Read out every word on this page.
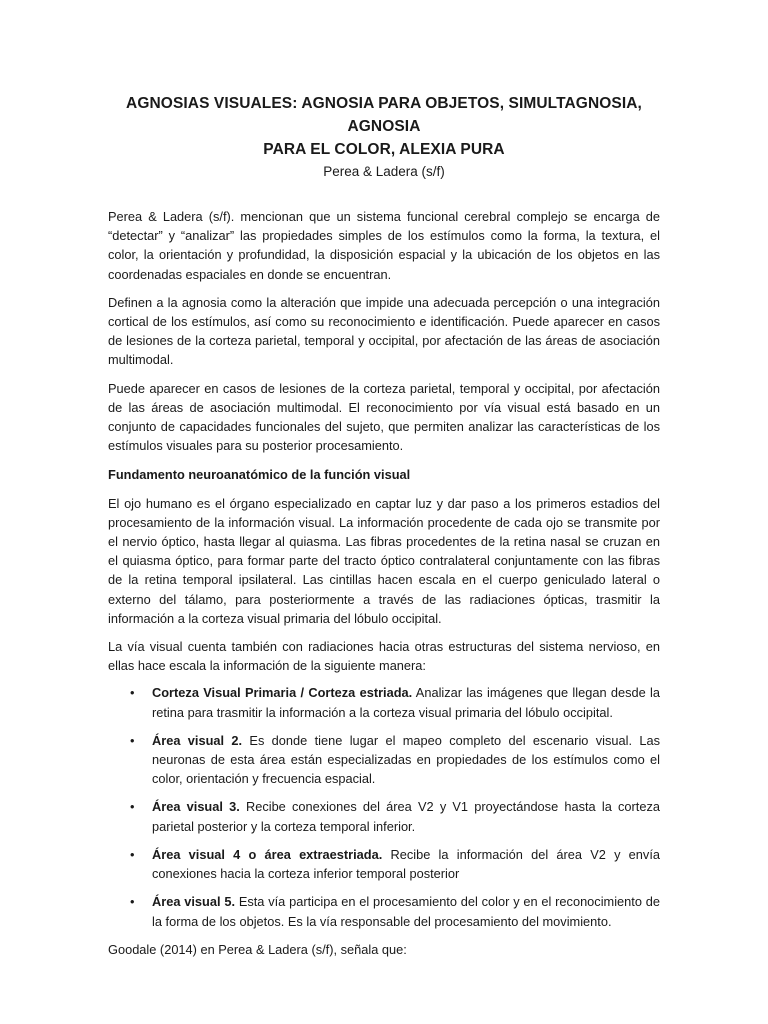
AGNOSIAS VISUALES: AGNOSIA PARA OBJETOS, SIMULTAGNOSIA, AGNOSIA
PARA EL COLOR, ALEXIA PURA
Perea & Ladera (s/f)

Perea & Ladera (s/f). mencionan que un sistema funcional cerebral complejo se encarga de “detectar” y “analizar” las propiedades simples de los estímulos como la forma, la textura, el color, la orientación y profundidad, la disposición espacial y la ubicación de los objetos en las coordenadas espaciales en donde se encuentran.

Definen a la agnosia como la alteración que impide una adecuada percepción o una integración cortical de los estímulos, así como su reconocimiento e identificación. Puede aparecer en casos de lesiones de la corteza parietal, temporal y occipital, por afectación de las áreas de asociación multimodal.

Puede aparecer en casos de lesiones de la corteza parietal, temporal y occipital, por afectación de las áreas de asociación multimodal. El reconocimiento por vía visual está basado en un conjunto de capacidades funcionales del sujeto, que permiten analizar las características de los estímulos visuales para su posterior procesamiento.

Fundamento neuroanatómico de la función visual

El ojo humano es el órgano especializado en captar luz y dar paso a los primeros estadios del procesamiento de la información visual. La información procedente de cada ojo se transmite por el nervio óptico, hasta llegar al quiasma. Las fibras procedentes de la retina nasal se cruzan en el quiasma óptico, para formar parte del tracto óptico contralateral conjuntamente con las fibras de la retina temporal ipsilateral. Las cintillas hacen escala en el cuerpo geniculado lateral o externo del tálamo, para posteriormente a través de las radiaciones ópticas, trasmitir la información a la corteza visual primaria del lóbulo occipital.

La vía visual cuenta también con radiaciones hacia otras estructuras del sistema nervioso, en ellas hace escala la información de la siguiente manera:

• Corteza Visual Primaria / Corteza estriada. Analizar las imágenes que llegan desde la retina para trasmitir la información a la corteza visual primaria del lóbulo occipital.
• Área visual 2. Es donde tiene lugar el mapeo completo del escenario visual. Las neuronas de esta área están especializadas en propiedades de los estímulos como el color, orientación y frecuencia espacial.
• Área visual 3. Recibe conexiones del área V2 y V1 proyectándose hasta la corteza parietal posterior y la corteza temporal inferior.
• Área visual 4 o área extraestriada. Recibe la información del área V2 y envía conexiones hacia la corteza inferior temporal posterior
• Área visual 5. Esta vía participa en el procesamiento del color y en el reconocimiento de la forma de los objetos. Es la vía responsable del procesamiento del movimiento.

Goodale (2014) en Perea & Ladera (s/f), señala que:
